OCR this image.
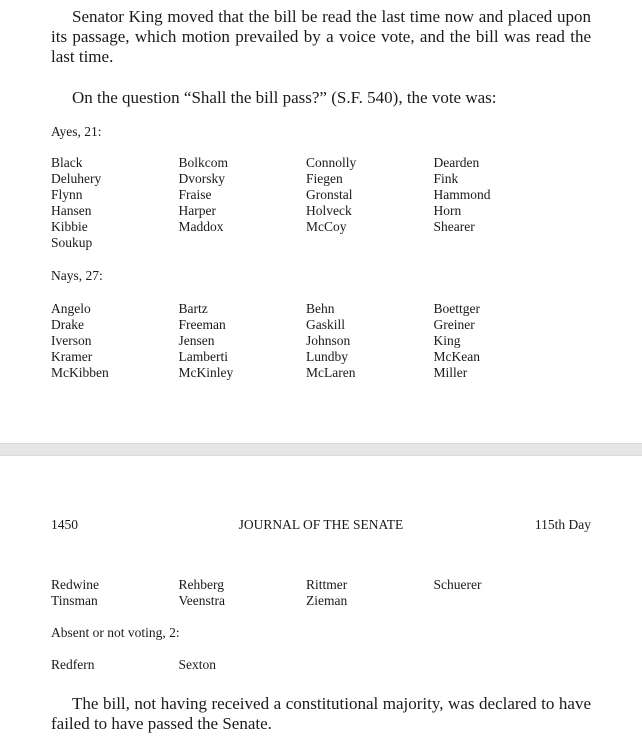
Senator King moved that the bill be read the last time now and placed upon its passage, which motion prevailed by a voice vote, and the bill was read the last time.

On the question “Shall the bill pass?” (S.F. 540), the vote was:

Ayes, 21:

Black	Bolkcom	Connolly	Dearden
Deluhery	Dvorsky	Fiegen	Fink
Flynn	Fraise	Gronstal	Hammond
Hansen	Harper	Holveck	Horn
Kibbie	Maddox	McCoy	Shearer
Soukup

Nays, 27:

Angelo	Bartz	Behn	Boettger
Drake	Freeman	Gaskill	Greiner
Iverson	Jensen	Johnson	King
Kramer	Lamberti	Lundby	McKean
McKibben	McKinley	McLaren	Miller
1450	JOURNAL OF THE SENATE	115th Day
Redwine	Rehberg	Rittmer	Schuerer
Tinsman	Veenstra	Zieman

Absent or not voting, 2:

Redfern	Sexton

The bill, not having received a constitutional majority, was declared to have failed to have passed the Senate.
